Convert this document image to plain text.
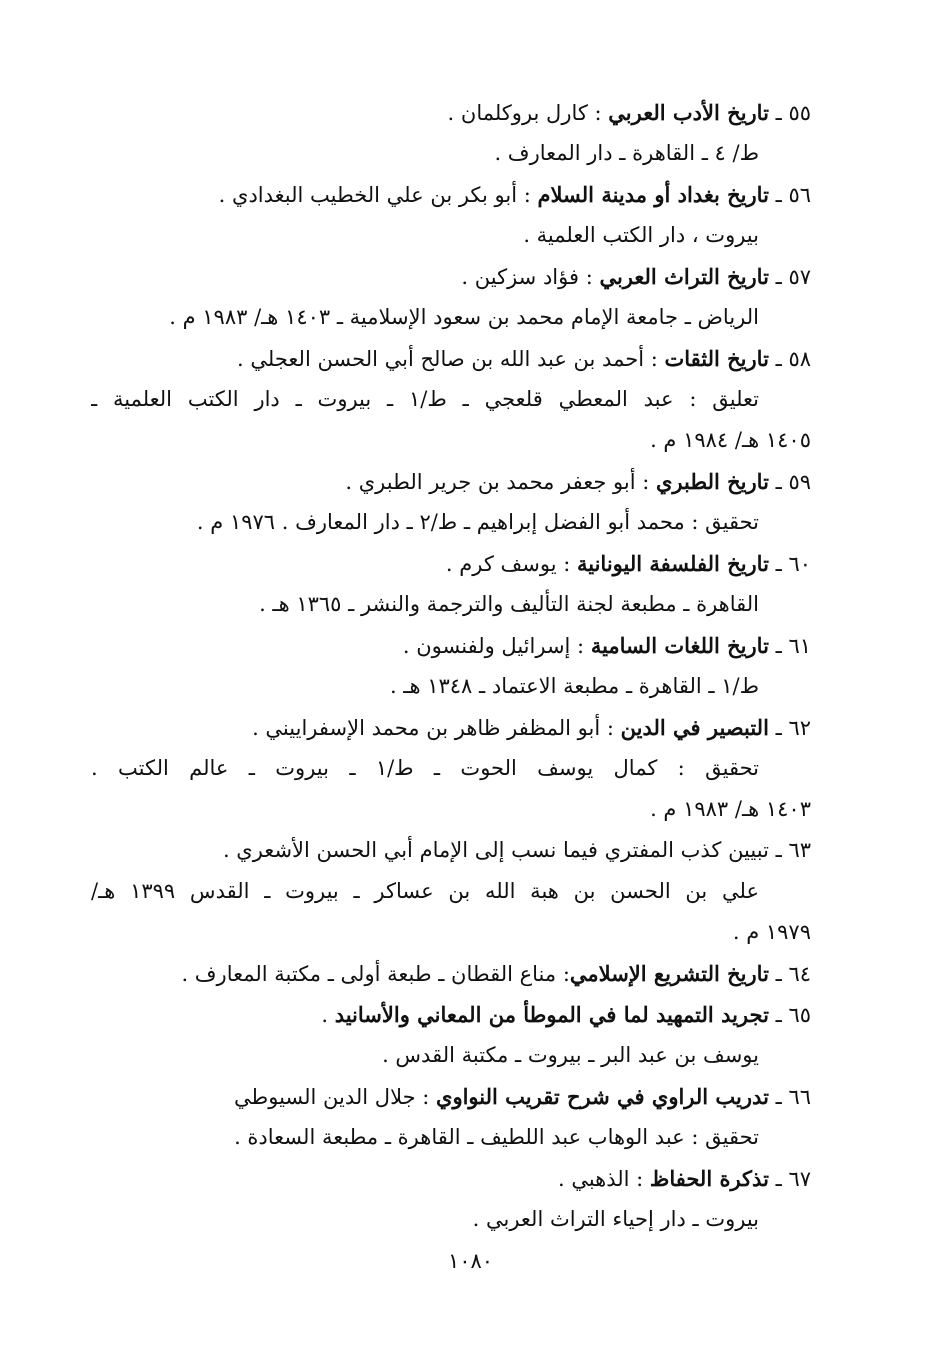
٥٥ ـ تاريخ الأدب العربي : كارل بروكلمان .
ط/ ٤ ـ القاهرة ـ دار المعارف .
٥٦ ـ تاريخ بغداد أو مدينة السلام : أبو بكر بن علي الخطيب البغدادي .
بيروت ، دار الكتب العلمية .
٥٧ ـ تاريخ التراث العربي : فؤاد سزكين .
الرياض ـ جامعة الإمام محمد بن سعود الإسلامية ـ ١٤٠٣ هـ/ ١٩٨٣ م .
٥٨ ـ تاريخ الثقات : أحمد بن عبد الله بن صالح أبي الحسن العجلي .
تعليق : عبد المعطي قلعجي ـ ط/١ ـ بيروت ـ دار الكتب العلمية ـ
١٤٠٥ هـ/ ١٩٨٤ م .
٥٩ ـ تاريخ الطبري : أبو جعفر محمد بن جرير الطبري .
تحقيق : محمد أبو الفضل إبراهيم ـ ط/٢ ـ دار المعارف . ١٩٧٦ م .
٦٠ ـ تاريخ الفلسفة اليونانية : يوسف كرم .
القاهرة ـ مطبعة لجنة التأليف والترجمة والنشر ـ ١٣٦٥ هـ .
٦١ ـ تاريخ اللغات السامية : إسرائيل ولفنسون .
ط/١ ـ القاهرة ـ مطبعة الاعتماد ـ ١٣٤٨ هـ .
٦٢ ـ التبصير في الدين : أبو المظفر ظاهر بن محمد الإسفراييني .
تحقيق : كمال يوسف الحوت ـ ط/١ ـ بيروت ـ عالم الكتب .
١٤٠٣ هـ/ ١٩٨٣ م .
٦٣ ـ تبيين كذب المفتري فيما نسب إلى الإمام أبي الحسن الأشعري .
علي بن الحسن بن هبة الله بن عساكر ـ بيروت ـ القدس ١٣٩٩ هـ/
١٩٧٩ م .
٦٤ ـ تاريخ التشريع الإسلامي: مناع القطان ـ طبعة أولى ـ مكتبة المعارف .
٦٥ ـ تجريد التمهيد لما في الموطأ من المعاني والأسانيد .
يوسف بن عبد البر ـ بيروت ـ مكتبة القدس .
٦٦ ـ تدريب الراوي في شرح تقريب النواوي : جلال الدين السيوطي
تحقيق : عبد الوهاب عبد اللطيف ـ القاهرة ـ مطبعة السعادة .
٦٧ ـ تذكرة الحفاظ : الذهبي .
بيروت ـ دار إحياء التراث العربي .
١٠٨٠
